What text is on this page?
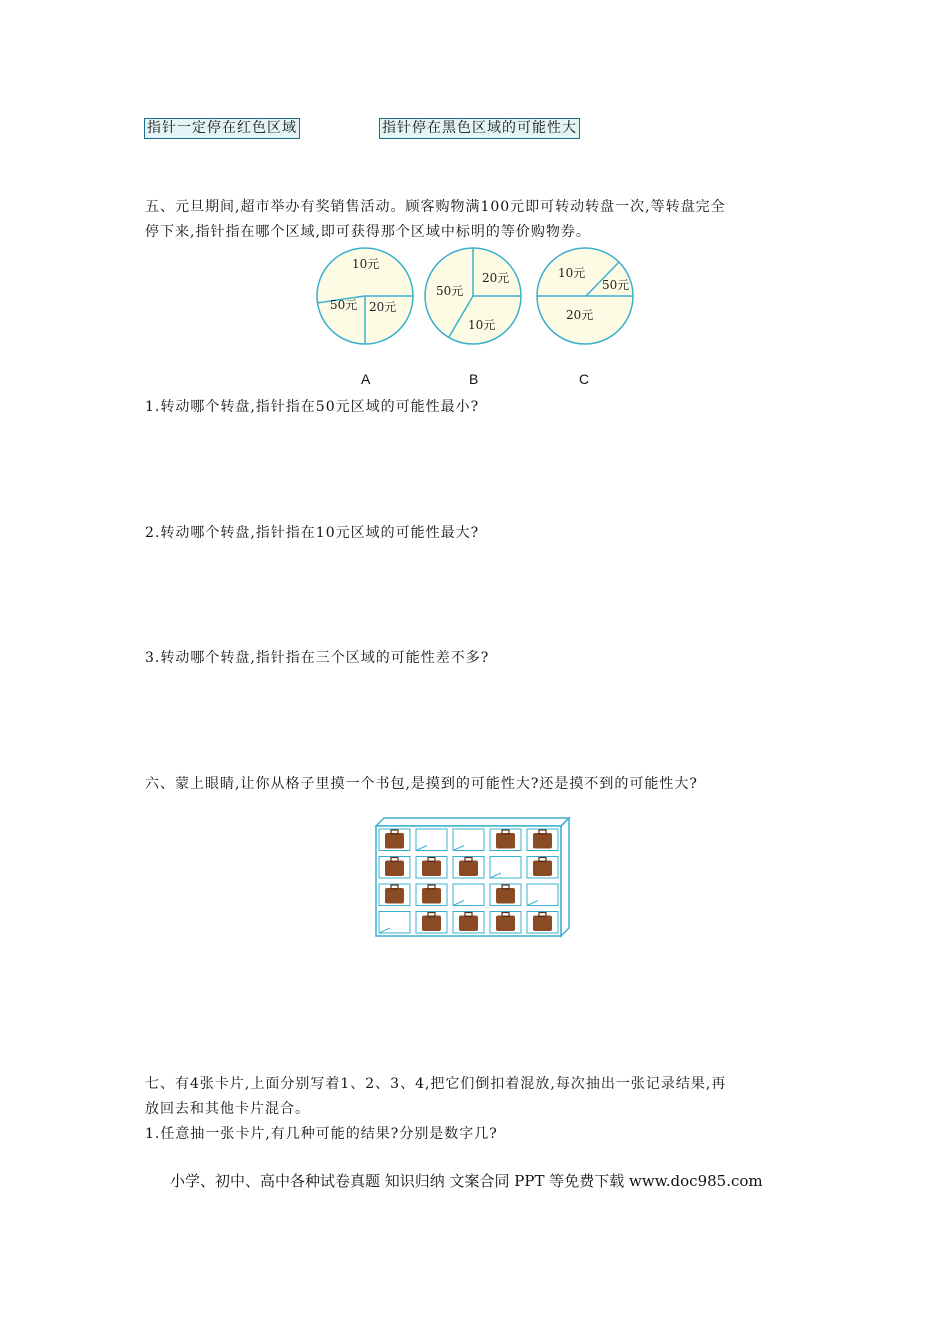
指针一定停在红色区域	指针停在黑色区域的可能性大
五、元旦期间,超市举办有奖销售活动。顾客购物满100元即可转动转盘一次,等转盘完全
停下来,指针指在哪个区域,即可获得那个区域中标明的等价购物券。
10元
50元 20元
20元
50元
10元
10元
50元
20元
A	B	C
1.转动哪个转盘,指针指在50元区域的可能性最小?
2.转动哪个转盘,指针指在10元区域的可能性最大?
3.转动哪个转盘,指针指在三个区域的可能性差不多?
六、蒙上眼睛,让你从格子里摸一个书包,是摸到的可能性大?还是摸不到的可能性大?
七、有4张卡片,上面分别写着1、2、3、4,把它们倒扣着混放,每次抽出一张记录结果,再
放回去和其他卡片混合。
1.任意抽一张卡片,有几种可能的结果?分别是数字几?
小学、初中、高中各种试卷真题 知识归纳 文案合同 PPT 等免费下载 www.doc985.com
